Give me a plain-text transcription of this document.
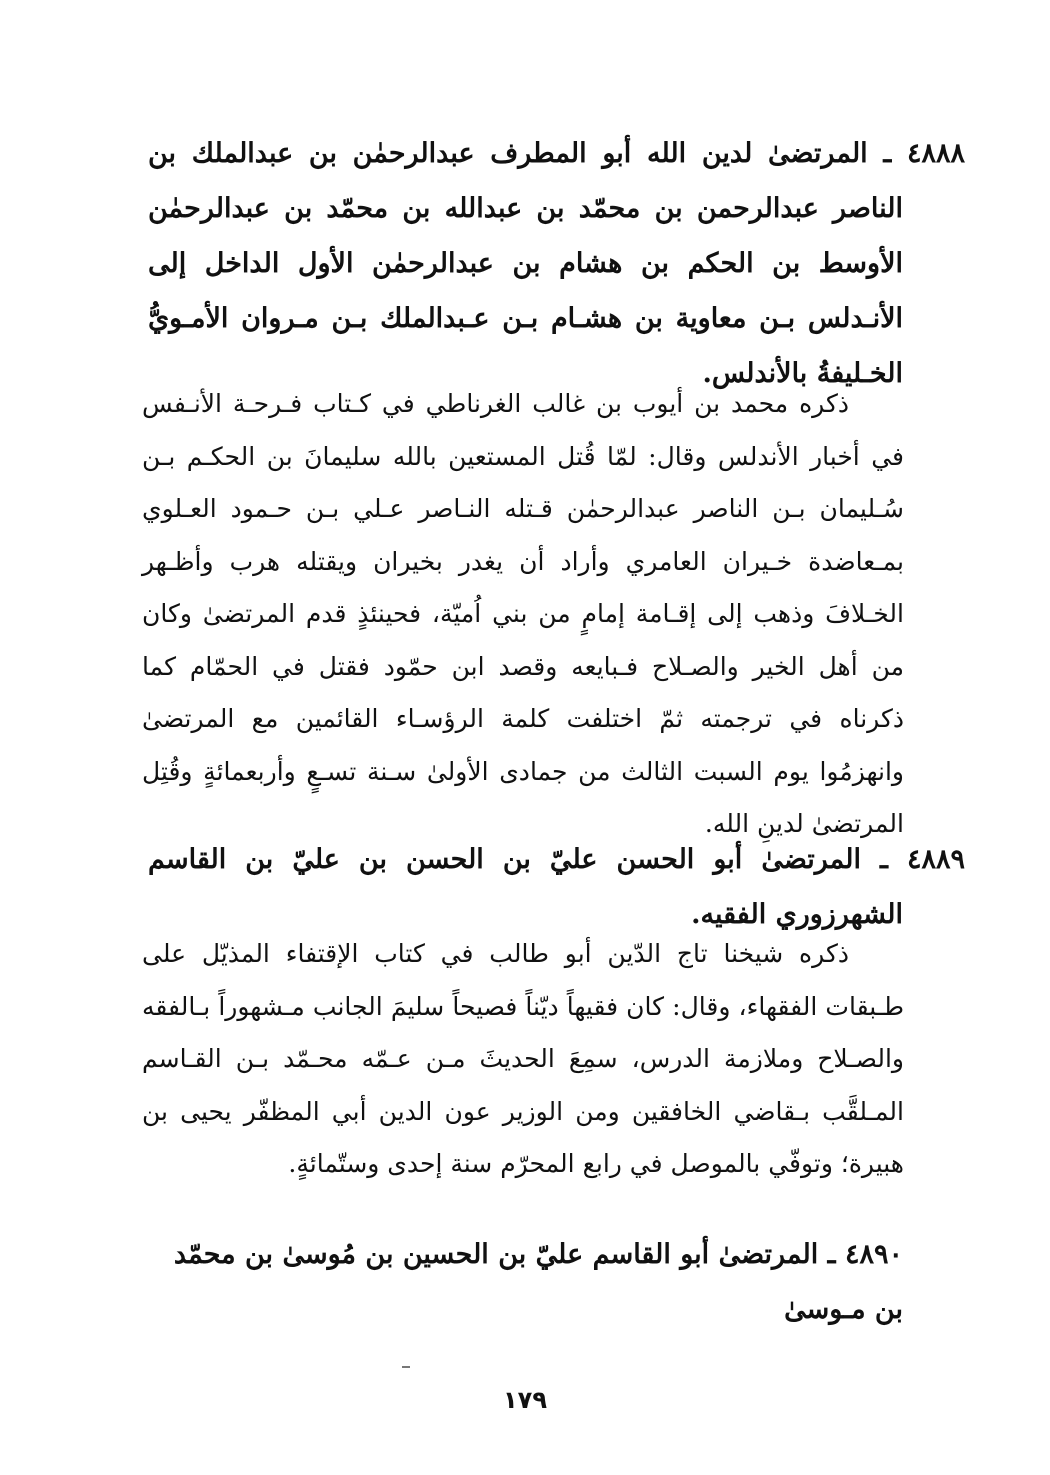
٤٨٨٨ ـ المرتضىٰ لدين الله أبو المطرف عبدالرحمٰن بن عبدالملك بن الناصر عبدالرحمن بن محمّد بن عبدالله بن محمّد بن عبدالرحمٰن الأوسط بن الحكم بن هشام بن عبدالرحمٰن الأول الداخل إلى الأنـدلس بـن معاوية بن هشـام بـن عـبدالملك بـن مـروان الأمـويُّ الخـليفةُ بالأندلس.

ذكره محمد بن أيوب بن غالب الغرناطي في كـتاب فـرحـة الأنـفس في أخبار الأندلس وقال: لمّا قُتل المستعين بالله سليمانَ بن الحكـم بـن سُـليمان بـن الناصر عبدالرحمٰن قـتله النـاصر عـلي بـن حـمود العـلوي بمـعاضدة خـيران العامري وأراد أن يغدر بخيران ويقتله هرب وأظـهر الخـلافَ وذهب إلى إقـامة إمامٍ من بني اُميّة، فحينئذٍ قدم المرتضىٰ وكان من أهل الخير والصـلاح فـبايعه وقصد ابن حمّود فقتل في الحمّام كما ذكرناه في ترجمته ثمّ اختلفت كلمة الرؤسـاء القائمين مع المرتضىٰ وانهزمُوا يوم السبت الثالث من جمادى الأولىٰ سـنة تسـعٍ وأربعمائةٍ وقُتِل المرتضىٰ لدينِ الله.

٤٨٨٩ ـ المرتضىٰ أبو الحسن عليّ بن الحسن بن عليّ بن القاسم الشهرزوري الفقيه.

ذكره شيخنا تاج الدّين أبو طالب في كتاب الإقتفاء المذيّل على طـبقات الفقهاء، وقال: كان فقيهاً ديّناً فصيحاً سليمَ الجانب مـشهوراً بـالفقه والصـلاح وملازمة الدرس، سمِعَ الحديثَ مـن عـمّه محـمّد بـن القـاسم المـلقَّب بـقاضي الخافقين ومن الوزير عون الدين أبي المظفّر يحيى بن هبيرة؛ وتوفّي بالموصل في رابع المحرّم سنة إحدى وستّمائةٍ.

٤٨٩٠ ـ المرتضىٰ أبو القاسم عليّ بن الحسين بن مُوسىٰ بن محمّد بن مـوسىٰ
١٧٩
